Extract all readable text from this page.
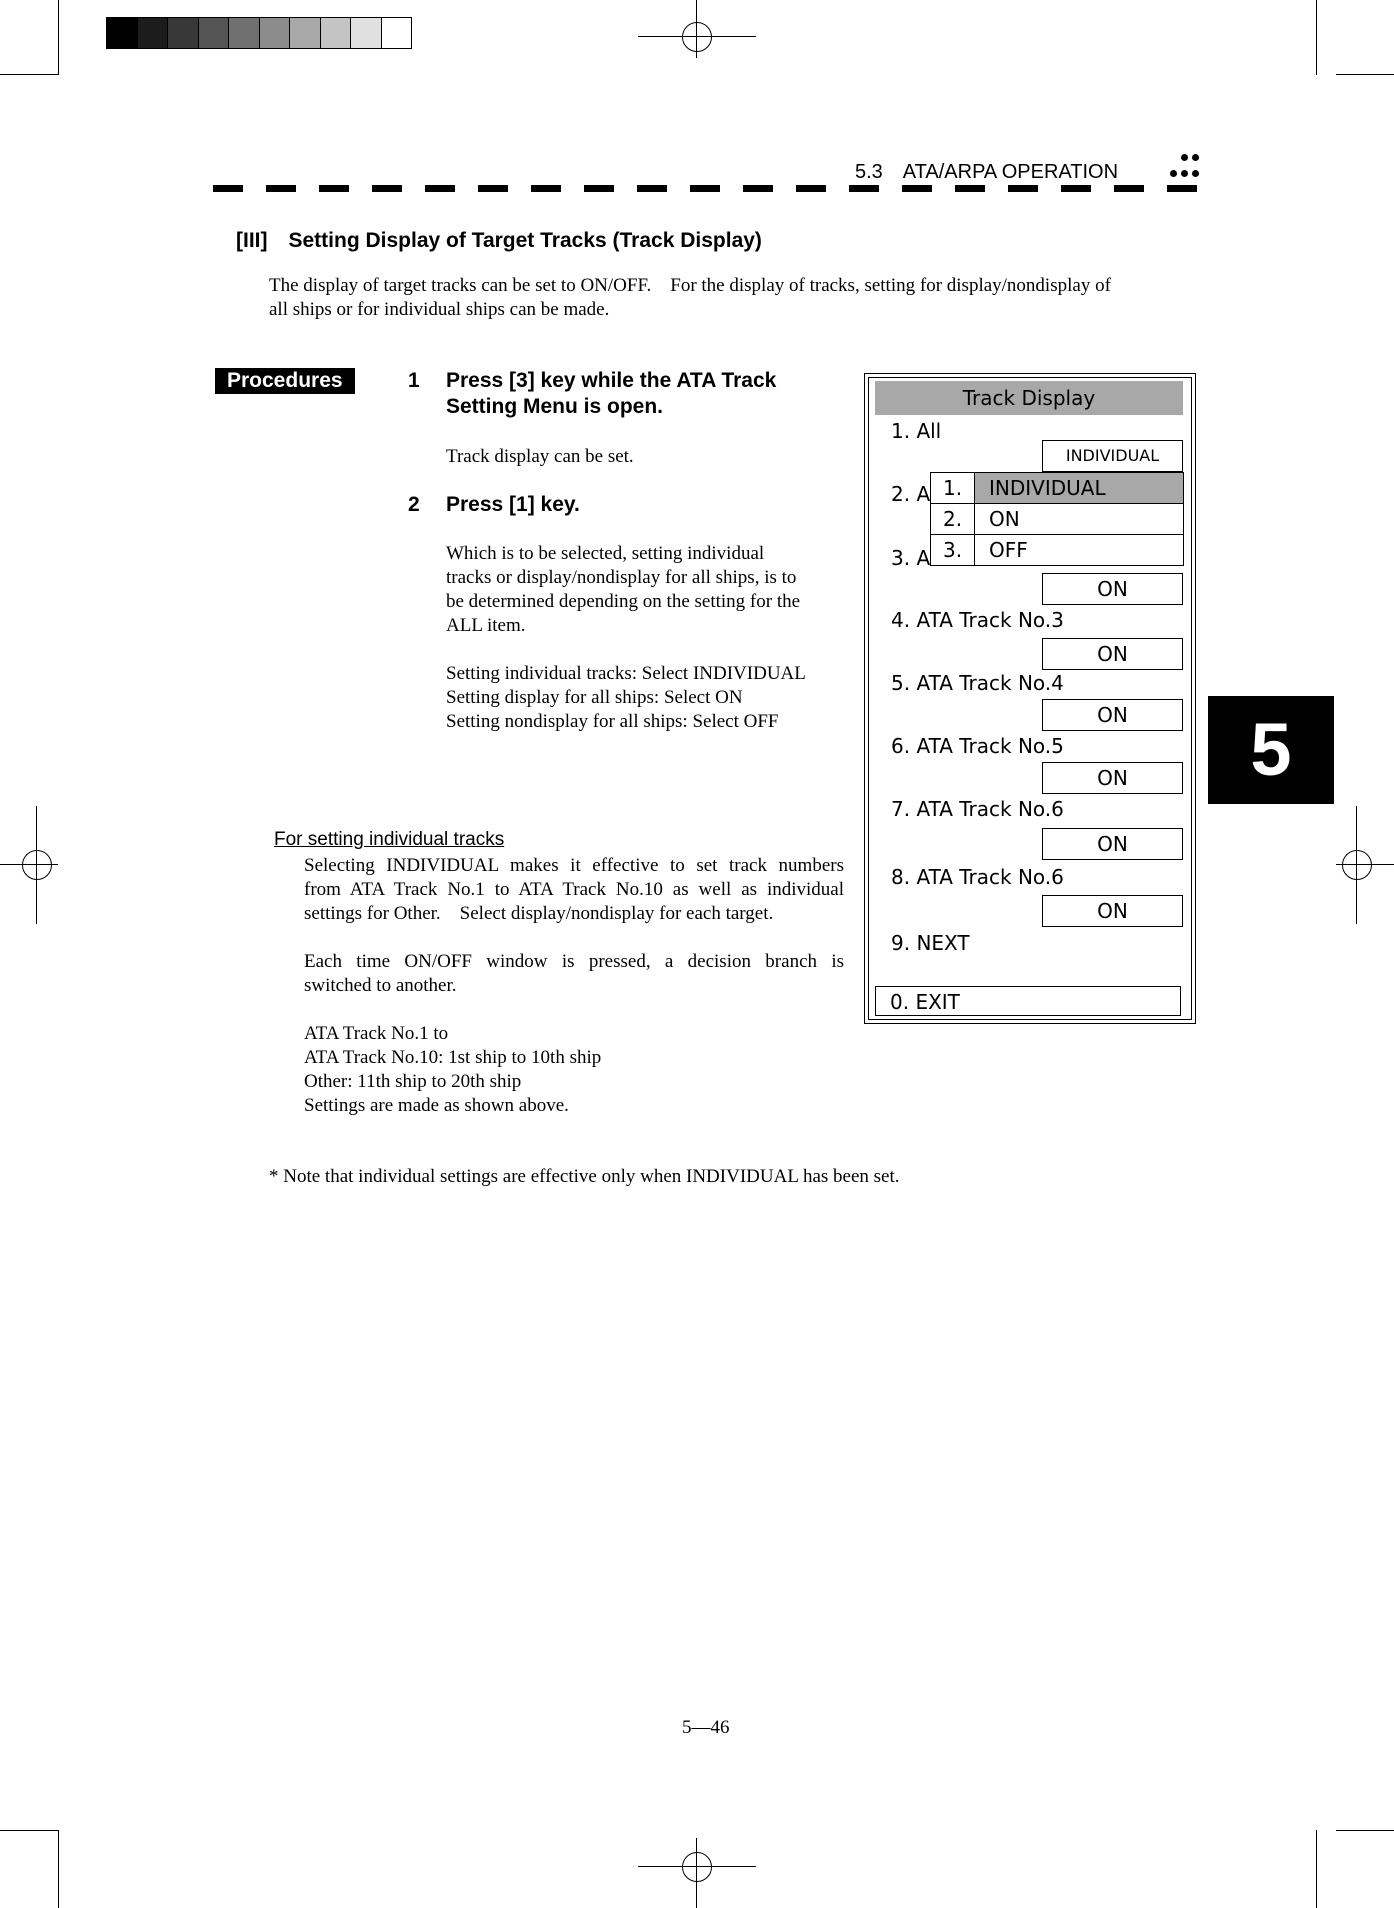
5.3　ATA/ARPA OPERATION
[III]　Setting Display of Target Tracks (Track Display)
The display of target tracks can be set to ON/OFF.　For the display of tracks, setting for display/nondisplay of
all ships or for individual ships can be made.
Procedures	1 Press [3] key while the ATA Track
Setting Menu is open.
Track display can be set.
2 Press [1] key.
Which is to be selected, setting individual
tracks or display/nondisplay for all ships, is to
be determined depending on the setting for the
ALL item.
Setting individual tracks: Select INDIVIDUAL
Setting display for all ships: Select ON
Setting nondisplay for all ships: Select OFF
For setting individual tracks
Selecting INDIVIDUAL makes it effective to set track numbers
from ATA Track No.1 to ATA Track No.10 as well as individual
settings for Other.　Select display/nondisplay for each target.
Each time ON/OFF window is pressed, a decision branch is
switched to another.
ATA Track No.1 to
ATA Track No.10: 1st ship to 10th ship
Other: 11th ship to 20th ship
Settings are made as shown above.
* Note that individual settings are effective only when INDIVIDUAL has been set.
Track Display
1. All
INDIVIDUAL
2. A
3. A
ON
4. ATA Track No.3
ON
5. ATA Track No.4
ON
6. ATA Track No.5
ON
7. ATA Track No.6
ON
8. ATA Track No.6
ON
9. NEXT
0. EXIT
1.	INDIVIDUAL
2.	ON
3.	OFF
5
5―46
